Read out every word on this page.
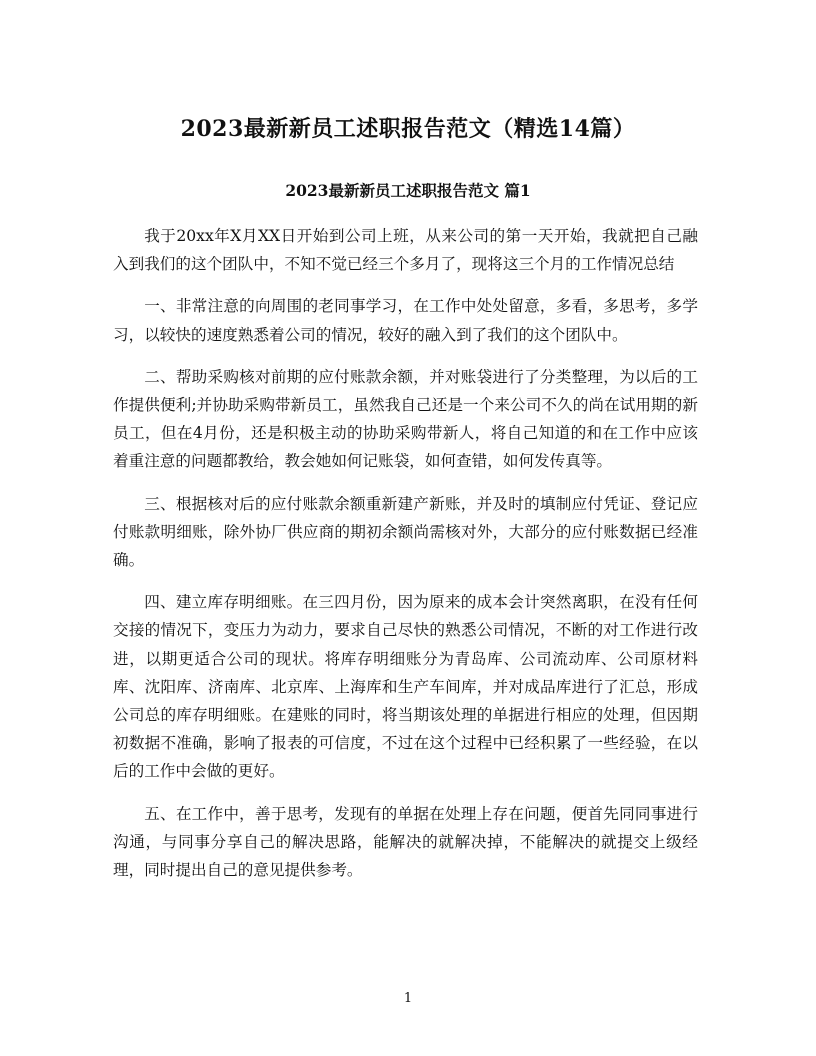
2023最新新员工述职报告范文（精选14篇）
2023最新新员工述职报告范文 篇1

我于20xx年X月XX日开始到公司上班，从来公司的第一天开始，我就把自己融入到我们的这个团队中，不知不觉已经三个多月了，现将这三个月的工作情况总结

一、非常注意的向周围的老同事学习，在工作中处处留意，多看，多思考，多学习，以较快的速度熟悉着公司的情况，较好的融入到了我们的这个团队中。

二、帮助采购核对前期的应付账款余额，并对账袋进行了分类整理，为以后的工作提供便利;并协助采购带新员工，虽然我自己还是一个来公司不久的尚在试用期的新员工，但在4月份，还是积极主动的协助采购带新人，将自己知道的和在工作中应该着重注意的问题都教给，教会她如何记账袋，如何查错，如何发传真等。

三、根据核对后的应付账款余额重新建产新账，并及时的填制应付凭证、登记应付账款明细账，除外协厂供应商的期初余额尚需核对外，大部分的应付账数据已经准确。

四、建立库存明细账。在三四月份，因为原来的成本会计突然离职，在没有任何交接的情况下，变压力为动力，要求自己尽快的熟悉公司情况，不断的对工作进行改进，以期更适合公司的现状。将库存明细账分为青岛库、公司流动库、公司原材料库、沈阳库、济南库、北京库、上海库和生产车间库，并对成品库进行了汇总，形成公司总的库存明细账。在建账的同时，将当期该处理的单据进行相应的处理，但因期初数据不准确，影响了报表的可信度，不过在这个过程中已经积累了一些经验，在以后的工作中会做的更好。

五、在工作中，善于思考，发现有的单据在处理上存在问题，便首先同同事进行沟通，与同事分享自己的解决思路，能解决的就解决掉，不能解决的就提交上级经理，同时提出自己的意见提供参考。

1
